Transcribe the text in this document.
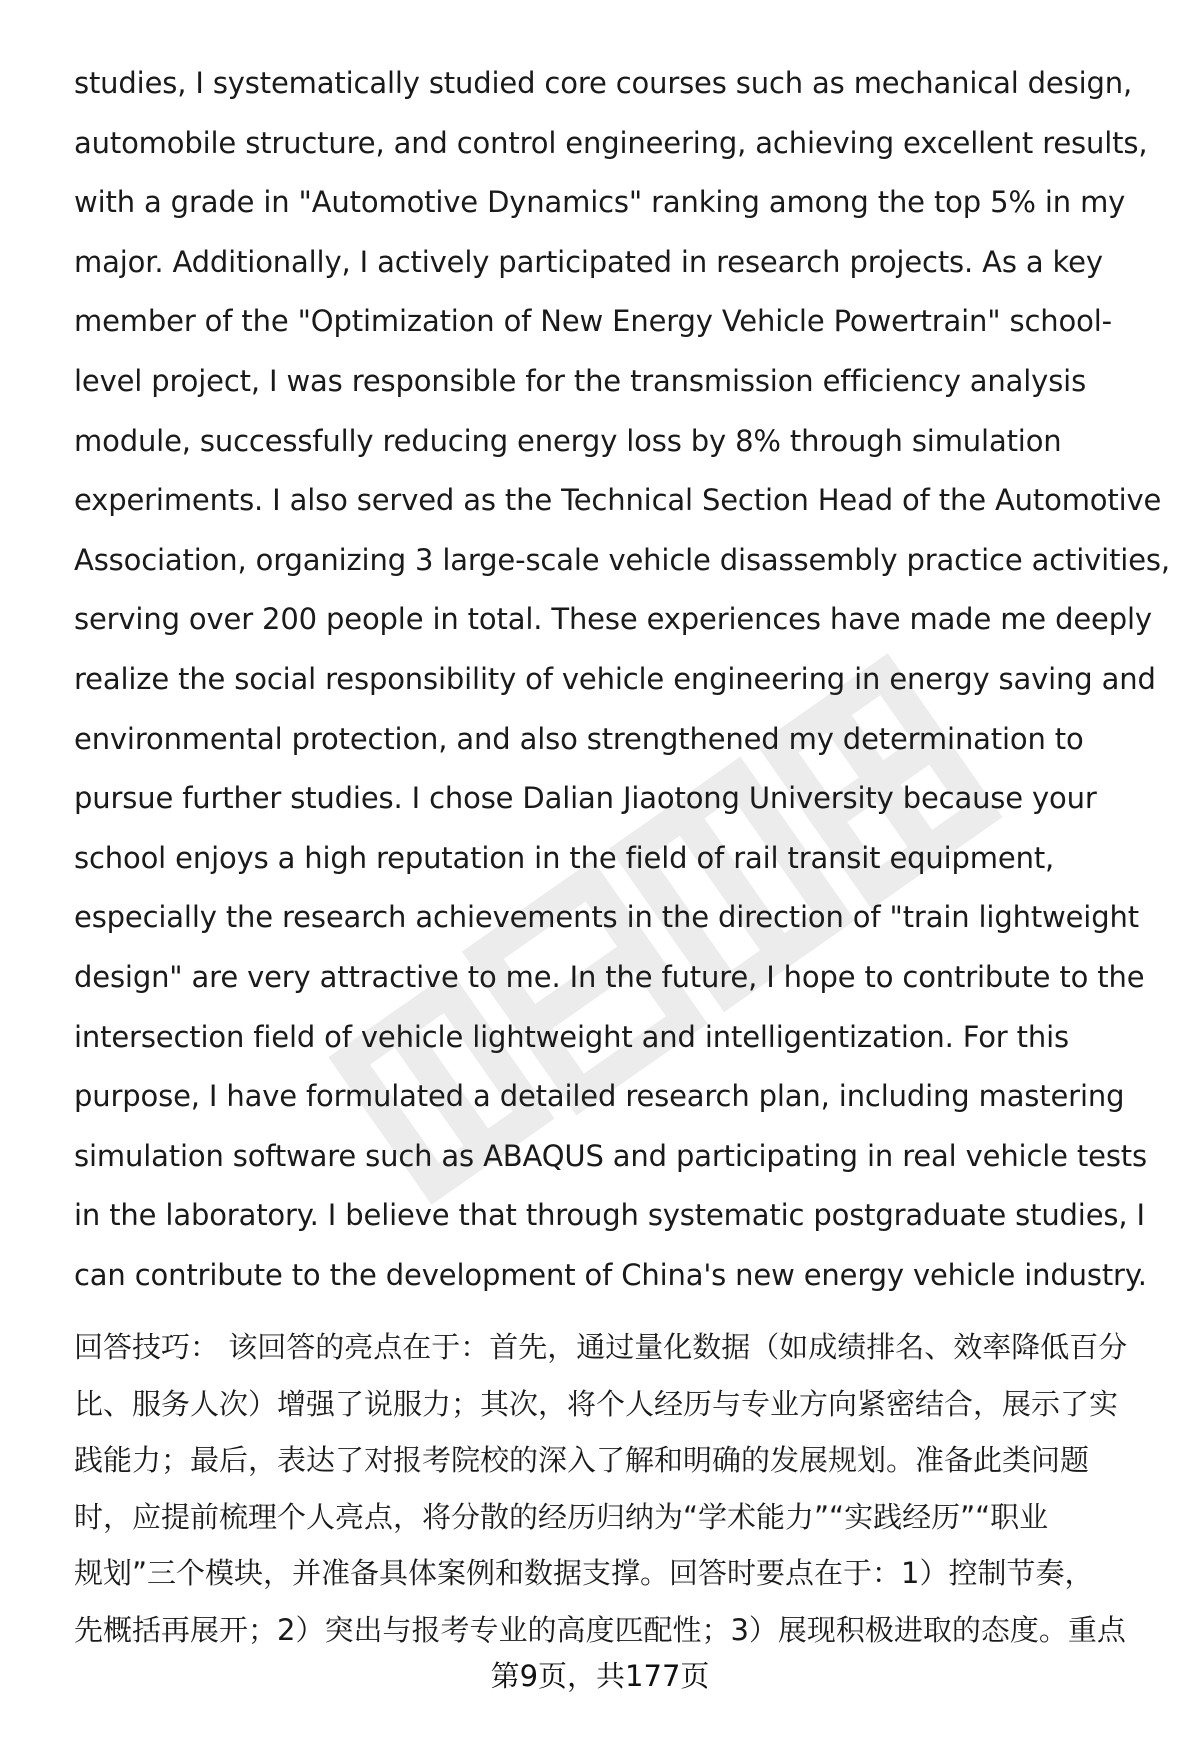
studies, I systematically studied core courses such as mechanical design,
automobile structure, and control engineering, achieving excellent results,
with a grade in "Automotive Dynamics" ranking among the top 5% in my
major. Additionally, I actively participated in research projects. As a key
member of the "Optimization of New Energy Vehicle Powertrain" school-
level project, I was responsible for the transmission efficiency analysis
module, successfully reducing energy loss by 8% through simulation
experiments. I also served as the Technical Section Head of the Automotive
Association, organizing 3 large-scale vehicle disassembly practice activities,
serving over 200 people in total. These experiences have made me deeply
realize the social responsibility of vehicle engineering in energy saving and
environmental protection, and also strengthened my determination to
pursue further studies. I chose Dalian Jiaotong University because your
school enjoys a high reputation in the field of rail transit equipment,
especially the research achievements in the direction of "train lightweight
design" are very attractive to me. In the future, I hope to contribute to the
intersection field of vehicle lightweight and intelligentization. For this
purpose, I have formulated a detailed research plan, including mastering
simulation software such as ABAQUS and participating in real vehicle tests
in the laboratory. I believe that through systematic postgraduate studies, I
can contribute to the development of China's new energy vehicle industry.
回答技巧： 该回答的亮点在于：首先，通过量化数据（如成绩排名、效率降低百分
比、服务人次）增强了说服力；其次，将个人经历与专业方向紧密结合，展示了实
践能力；最后，表达了对报考院校的深入了解和明确的发展规划。准备此类问题
时，应提前梳理个人亮点，将分散的经历归纳为“学术能力”“实践经历”“职业
规划”三个模块，并准备具体案例和数据支撑。回答时要点在于：1）控制节奏，
先概括再展开；2）突出与报考专业的高度匹配性；3）展现积极进取的态度。重点
第9页，共177页
